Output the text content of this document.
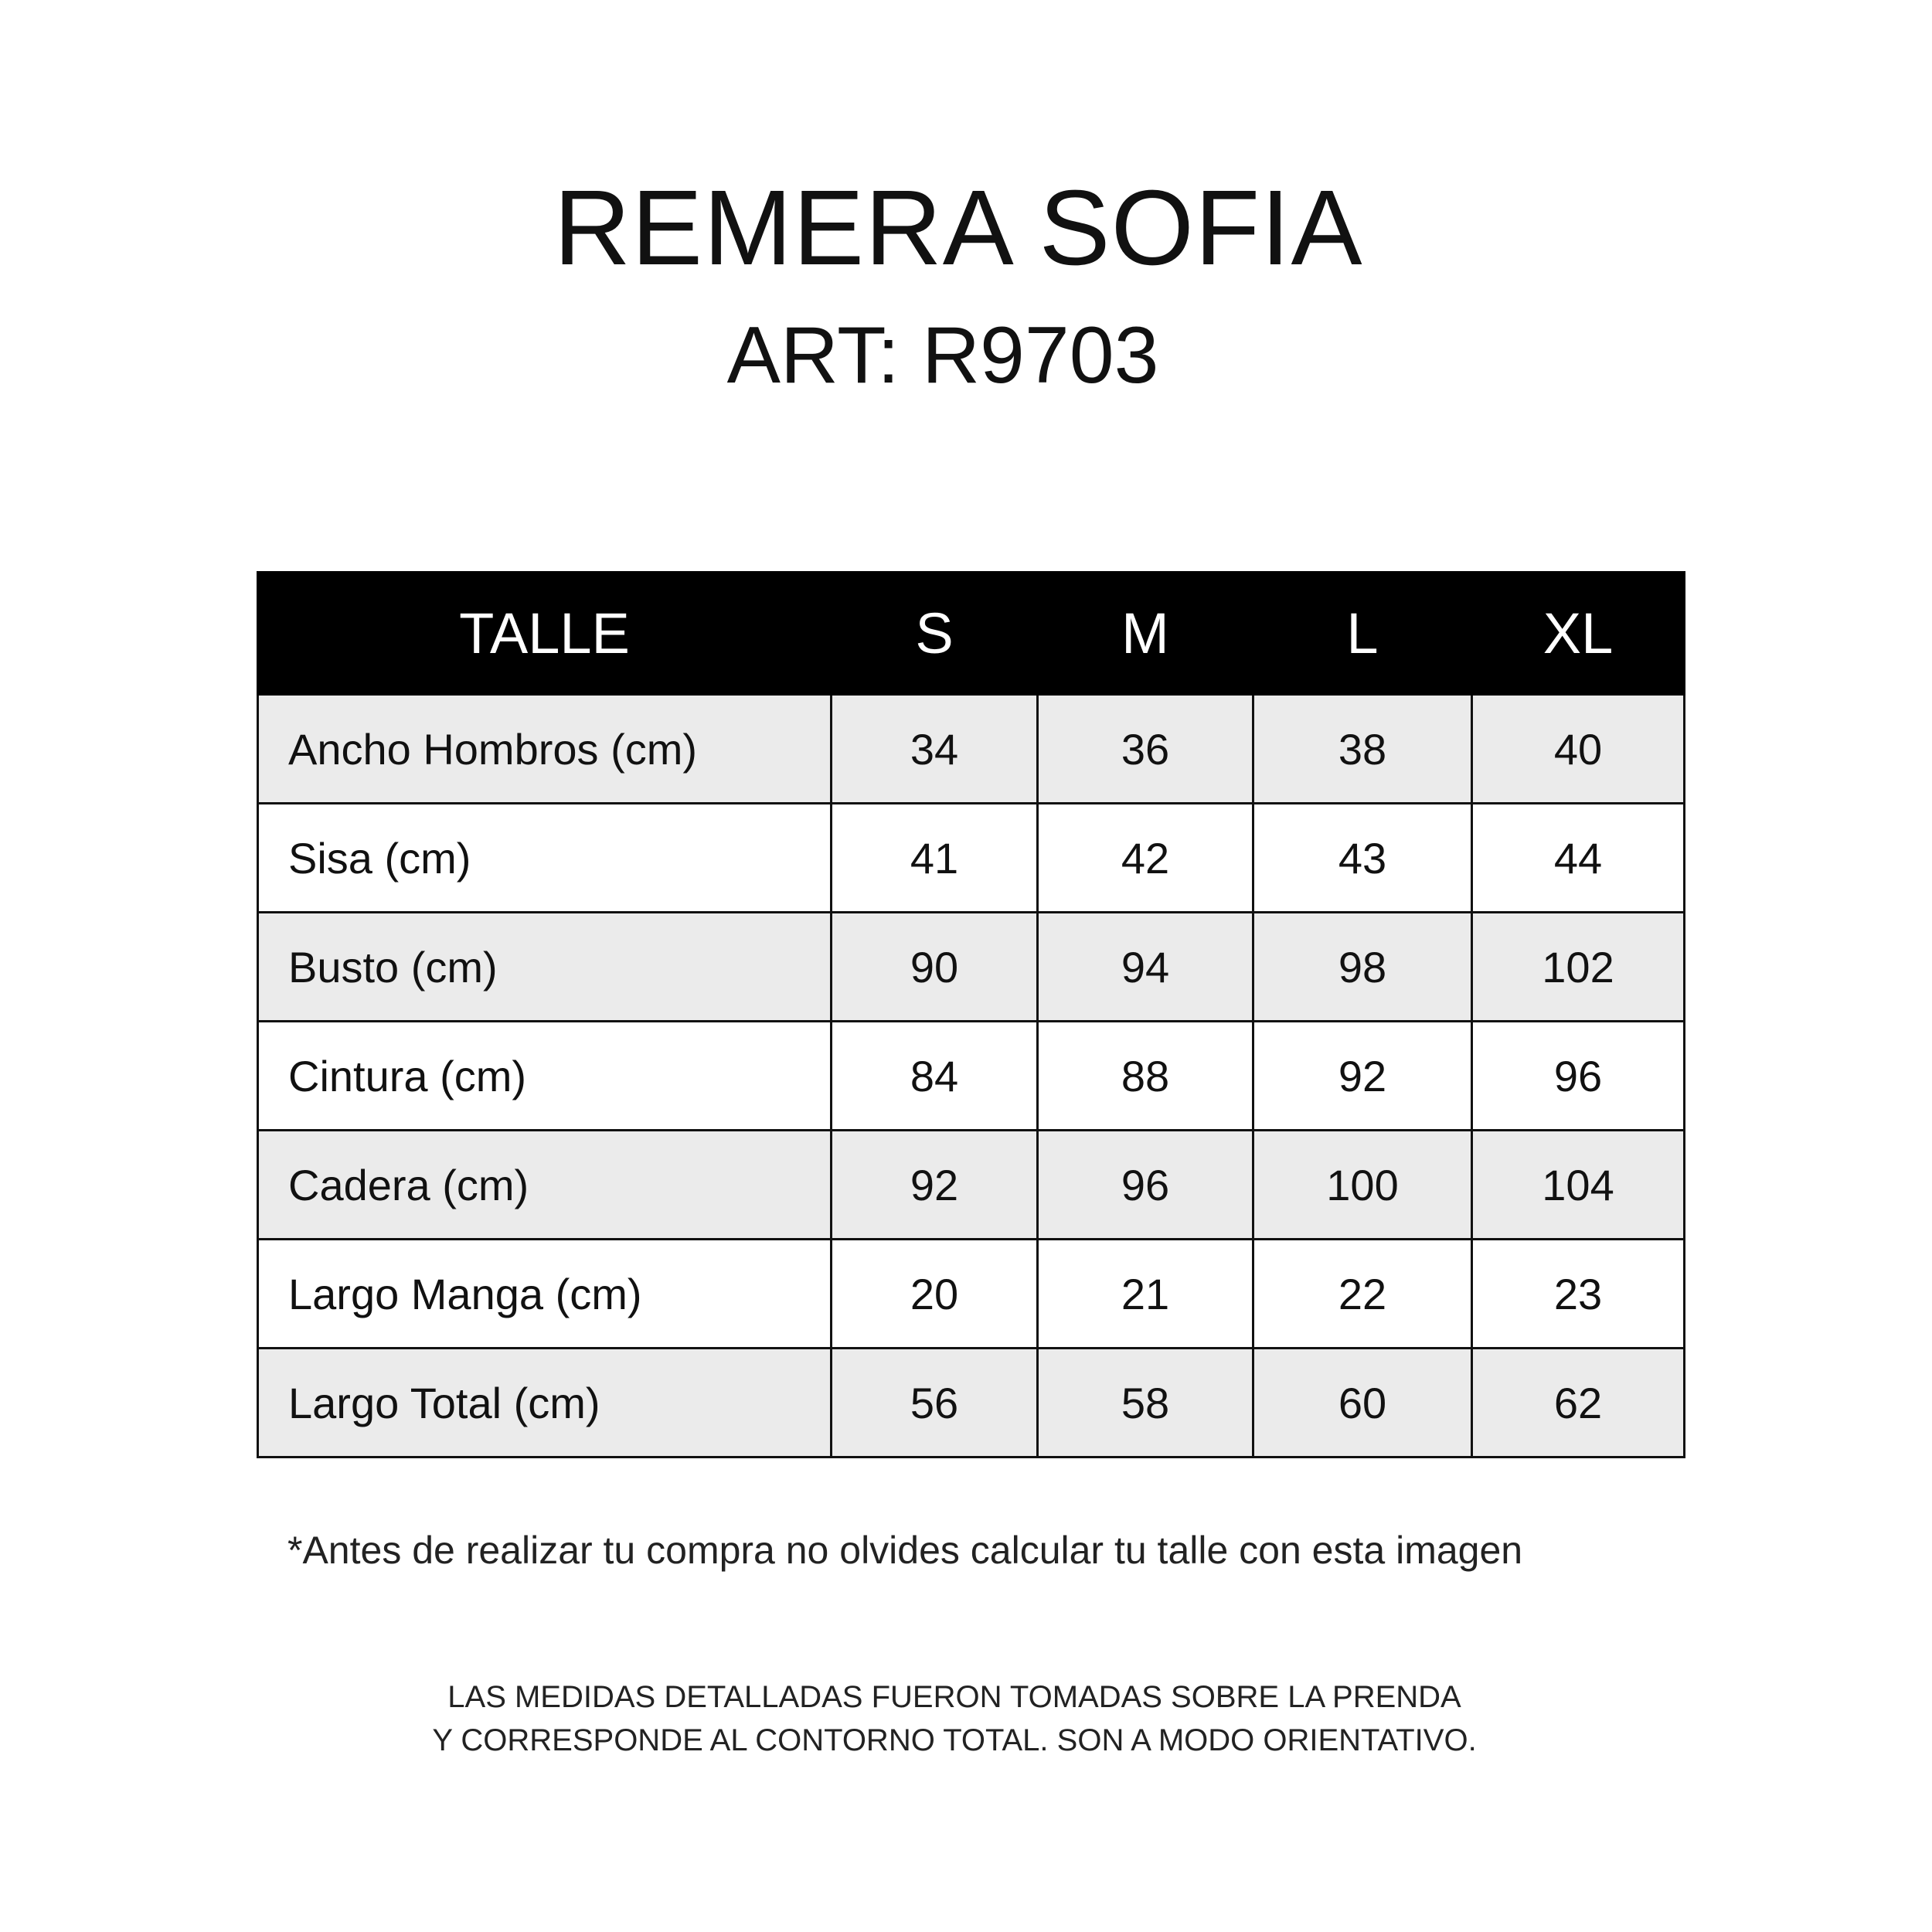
REMERA SOFIA
ART: R9703
TALLE	S	M	L	XL
Ancho Hombros (cm)	34	36	38	40
Sisa (cm)	41	42	43	44
Busto (cm)	90	94	98	102
Cintura (cm)	84	88	92	96
Cadera (cm)	92	96	100	104
Largo Manga (cm)	20	21	22	23
Largo Total (cm)	56	58	60	62
*Antes de realizar tu compra no olvides calcular tu talle con esta imagen
LAS MEDIDAS DETALLADAS FUERON TOMADAS SOBRE LA PRENDA
Y CORRESPONDE AL CONTORNO TOTAL. SON A MODO ORIENTATIVO.
